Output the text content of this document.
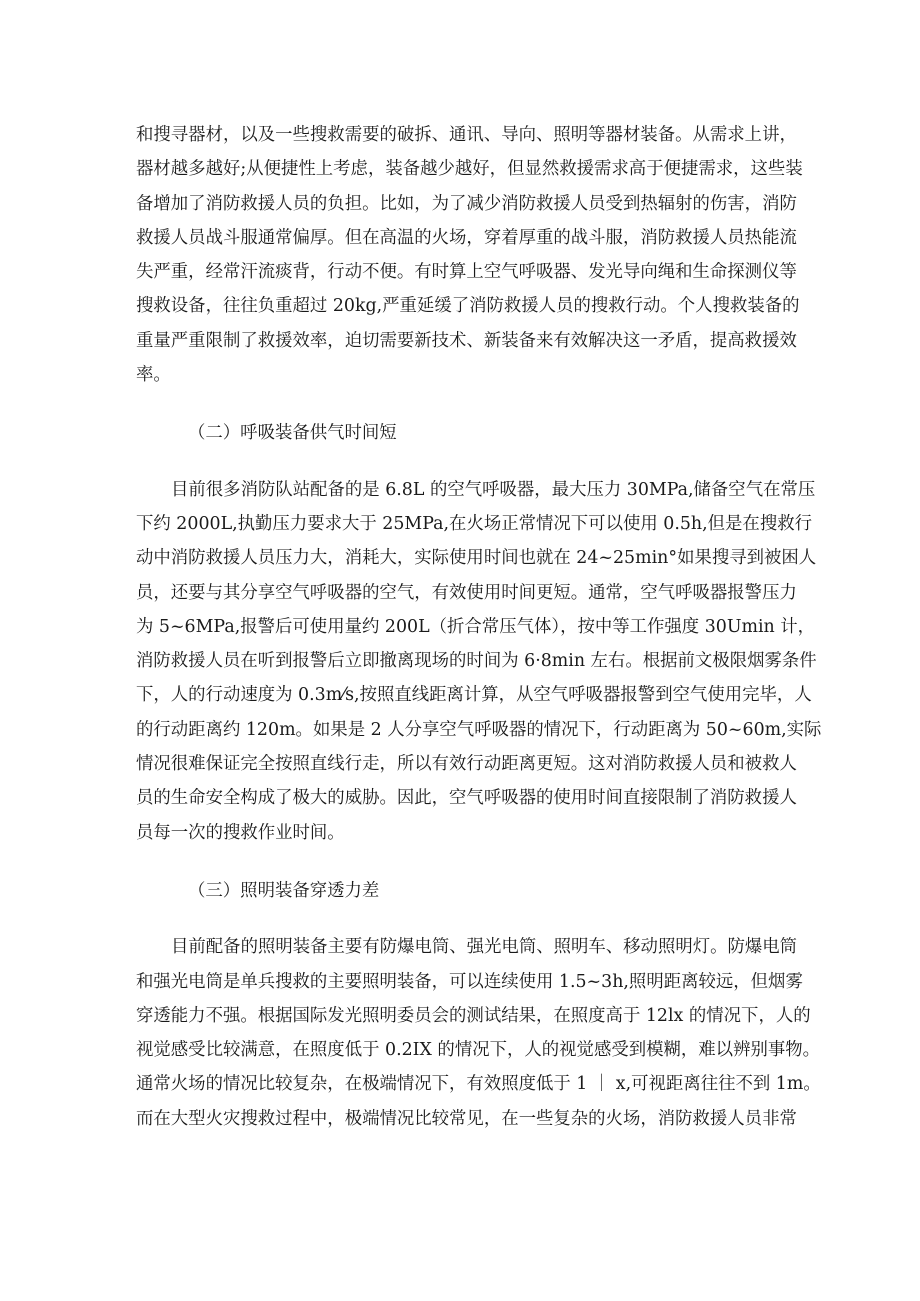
和搜寻器材，以及一些搜救需要的破拆、通讯、导向、照明等器材装备。从需求上讲，
器材越多越好;从便捷性上考虑，装备越少越好，但显然救援需求高于便捷需求，这些装
备增加了消防救援人员的负担。比如，为了减少消防救援人员受到热辐射的伤害，消防
救援人员战斗服通常偏厚。但在高温的火场，穿着厚重的战斗服，消防救援人员热能流
失严重，经常汗流痰背，行动不便。有时算上空气呼吸器、发光导向绳和生命探测仪等
搜救设备，往往负重超过 20kg,严重延缓了消防救援人员的搜救行动。个人搜救装备的
重量严重限制了救援效率，迫切需要新技术、新装备来有效解决这一矛盾，提高救援效
率。
（二）呼吸装备供气时间短
目前很多消防队站配备的是 6.8L 的空气呼吸器，最大压力 30MPa,储备空气在常压
下约 2000L,执勤压力要求大于 25MPa,在火场正常情况下可以使用 0.5h,但是在搜救行
动中消防救援人员压力大，消耗大，实际使用时间也就在 24~25min°如果搜寻到被困人
员，还要与其分享空气呼吸器的空气，有效使用时间更短。通常，空气呼吸器报警压力
为 5~6MPa,报警后可使用量约 200L（折合常压气体），按中等工作强度 30Umin 计，
消防救援人员在听到报警后立即撤离现场的时间为 6·8min 左右。根据前文极限烟雾条件
下，人的行动速度为 0.3m⁄s,按照直线距离计算，从空气呼吸器报警到空气使用完毕，人
的行动距离约 120m。如果是 2 人分享空气呼吸器的情况下，行动距离为 50~60m,实际
情况很难保证完全按照直线行走，所以有效行动距离更短。这对消防救援人员和被救人
员的生命安全构成了极大的威胁。因此，空气呼吸器的使用时间直接限制了消防救援人
员每一次的搜救作业时间。
（三）照明装备穿透力差
目前配备的照明装备主要有防爆电筒、强光电筒、照明车、移动照明灯。防爆电筒
和强光电筒是单兵搜救的主要照明装备，可以连续使用 1.5~3h,照明距离较远，但烟雾
穿透能力不强。根据国际发光照明委员会的测试结果，在照度高于 12lx 的情况下，人的
视觉感受比较满意，在照度低于 0.2IX 的情况下，人的视觉感受到模糊，难以辨别事物。
通常火场的情况比较复杂，在极端情况下，有效照度低于 1 ｜ x,可视距离往往不到 1m。
而在大型火灾搜救过程中，极端情况比较常见，在一些复杂的火场，消防救援人员非常
